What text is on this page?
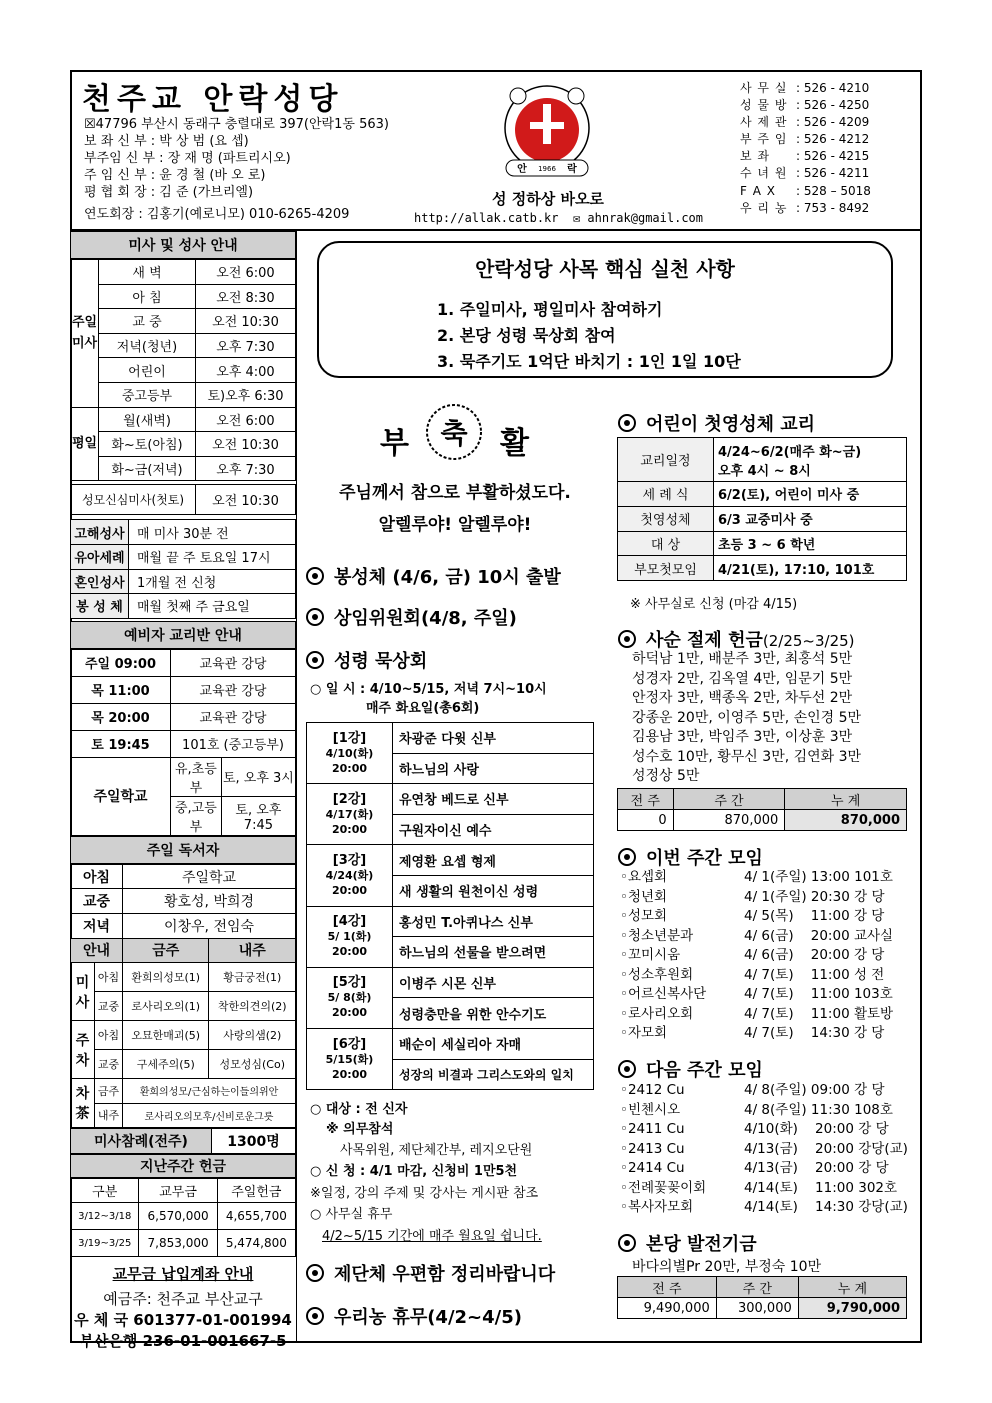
천주교 안락성당
☒47796 부산시 동래구 충렬대로 397(안락1동 563)
보 좌 신 부 : 박 상 범 (요 셉)
부주임 신 부 : 장 재 명 (파트리시오)
주 임 신 부 : 윤 경 철 (바 오 로)
평 협 회 장 : 김 준 (가브리엘)
연도회장 : 김홍기(예로니모) 010-6265-4209
안 1966 락
성 정하상 바오로
http://allak.catb.kr ✉ ahnrak@gmail.com
사 무 실 : 526 - 4210
성 물 방 : 526 - 4250
사 제 관 : 526 - 4209
부 주 임 : 526 - 4212
보 좌	: 526 - 4215
수 녀 원 : 526 - 4211
F A X	: 528 – 5018
우 리 농 : 753 - 8492
미사 및 성사 안내
주일미사	새 벽	오전 6:00
	아 침	오전 8:30
	교 중	오전 10:30
	저녁(청년)	오후 7:30
	어린이	오후 4:00
	중고등부	토)오후 6:30
평일	월(새벽)	오전 6:00
	화~토(아침)	오전 10:30
	화~금(저녁)	오후 7:30
성모신심미사(첫토)	오전 10:30
고해성사	매 미사 30분 전
유아세례	매월 끝 주 토요일 17시
혼인성사	1개월 전 신청
봉 성 체	매월 첫째 주 금요일
예비자 교리반 안내
주일 09:00	교육관 강당	
목 11:00	교육관 강당	
목 20:00	교육관 강당	
토 19:45	101호 (중고등부)	
주일학교	유,초등부	토, 오후 3시
	중,고등부	토, 오후 7:45
주일 독서자
아침		주일학교	
교중		황호성, 박희경	
저녁		이창우, 전임숙	
안내		금주	내주
미사	아침	환희의성모(1)	황금궁전(1)
	교중	로사리오의(1)	착한의견의(2)
주차	아침	오묘한매괴(5)	사랑의샘(2)
	교중	구세주의(5)	성모성심(Co)
차茶	금주	환희의성모/근심하는이들의위안	
	내주	로사리오의모후/신비로운그릇	
미사참례(전주)	1300명
지난주간 헌금
구분	교무금	주일헌금
3/12~3/18	6,570,000	4,655,700
3/19~3/25	7,853,000	5,474,800
교무금 납입계좌 안내
예금주: 천주교 부산교구
우 체 국 601377-01-001994
부산은행 236-01-001667-5
안락성당 사목 핵심 실천 사항
1. 주일미사, 평일미사 참여하기
2. 본당 성령 묵상회 참여
3. 묵주기도 1억단 바치기 : 1인 1일 10단
부 축 활
주님께서 참으로 부활하셨도다.
알렐루야! 알렐루야!
봉성체 (4/6, 금) 10시 출발
상임위원회(4/8, 주일)
성령 묵상회
○ 일 시 : 4/10~5/15, 저녁 7시~10시
매주 화요일(총6회)
[1강]
4/10(화)
20:00	차광준 다윗 신부
	하느님의 사랑

[2강]
4/17(화)
20:00	유연창 베드로 신부
	구원자이신 예수

[3강]
4/24(화)
20:00	제영환 요셉 형제
	새 생활의 원천이신 성령

[4강]
5/ 1(화)
20:00	홍성민 T.아퀴나스 신부
	하느님의 선물을 받으려면

[5강]
5/ 8(화)
20:00	이병주 시몬 신부
	성령충만을 위한 안수기도

[6강]
5/15(화)
20:00	배순이 세실리아 자매
	성장의 비결과 그리스도와의 일치
○ 대상 : 전 신자
※ 의무참석
사목위원, 제단체간부, 레지오단원
○ 신 청 : 4/1 마감, 신청비 1만5천
※일정, 강의 주제 및 강사는 게시판 참조
○ 사무실 휴무
4/2~5/15 기간에 매주 월요일 쉽니다.
제단체 우편함 정리바랍니다
우리농 휴무(4/2~4/5)
어린이 첫영성체 교리
교리일정	4/24~6/2(매주 화~금)
오후 4시 ~ 8시
세 례 식	6/2(토), 어린이 미사 중
첫영성체	6/3 교중미사 중
대 상	초등 3 ~ 6 학년
부모첫모임	4/21(토), 17:10, 101호
※ 사무실로 신청 (마감 4/15)
사순 절제 헌금(2/25~3/25)
하덕남 1만, 배분주 3만, 최홍석 5만
성경자 2만, 김옥열 4만, 임문기 5만
안정자 3만, 백종옥 2만, 차두선 2만
강종운 20만, 이영주 5만, 손인경 5만
김용남 3만, 박임주 3만, 이상훈 3만
성수호 10만, 황무신 3만, 김연화 3만
성정상 5만
전 주	주 간	누 계
0	870,000	870,000
이번 주간 모임
◦요셉회	4/ 1(주일) 13:00 101호
◦청년회	4/ 1(주일) 20:30 강 당
◦성모회	4/ 5(목)    11:00 강 당
◦청소년분과	4/ 6(금)    20:00 교사실
◦꼬미시움	4/ 6(금)    20:00 강 당
◦성소후원회	4/ 7(토)    11:00 성 전
◦어르신복사단	4/ 7(토)    11:00 103호
◦로사리오회	4/ 7(토)    11:00 활토방
◦자모회	4/ 7(토)    14:30 강 당
다음 주간 모임
◦2412 Cu	4/ 8(주일) 09:00 강 당
◦빈첸시오	4/ 8(주일) 11:30 108호
◦2411 Cu	4/10(화)    20:00 강 당
◦2413 Cu	4/13(금)    20:00 강당(교)
◦2414 Cu	4/13(금)    20:00 강 당
◦전례꽃꽂이회	4/14(토)    11:00 302호
◦복사자모회	4/14(토)    14:30 강당(교)
본당 발전기금
바다의별Pr 20만, 부정숙 10만
전 주	주 간	누 계
9,490,000	300,000	9,790,000
